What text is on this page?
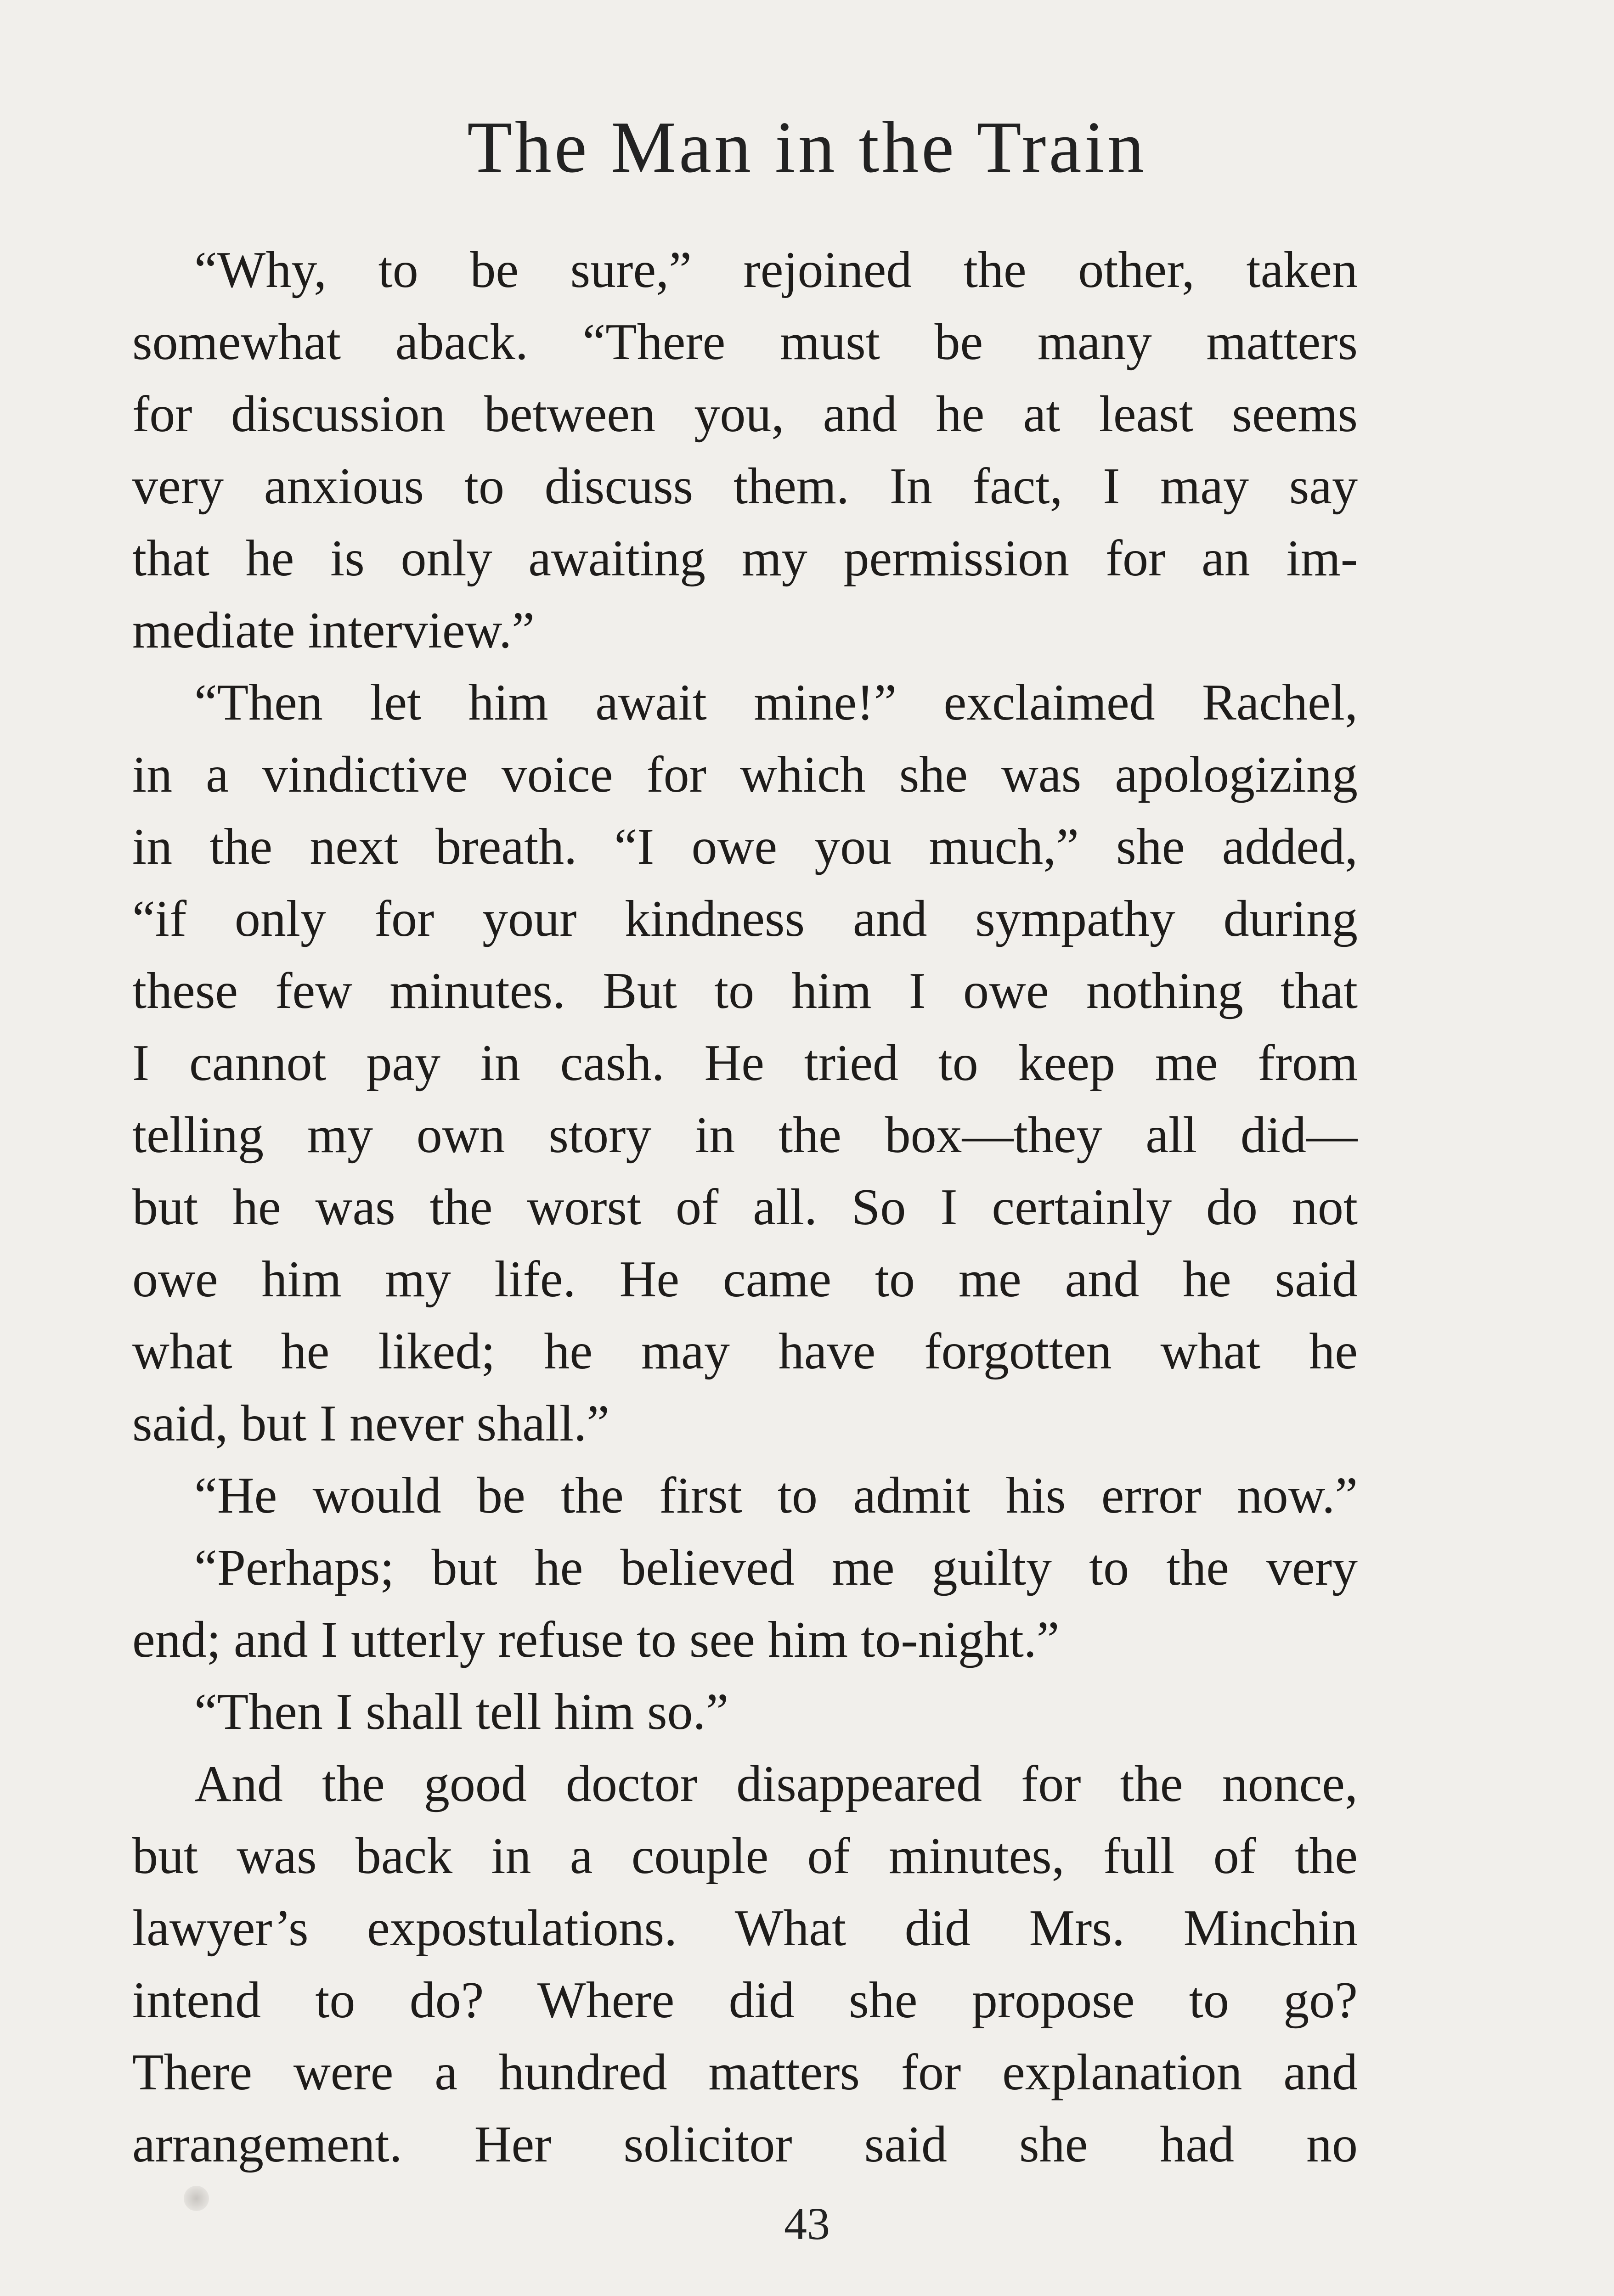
The Man in the Train
“Why, to be sure,” rejoined the other, taken
somewhat aback. “There must be many matters
for discussion between you, and he at least seems
very anxious to discuss them. In fact, I may say
that he is only awaiting my permission for an im-
mediate interview.”
“Then let him await mine!” exclaimed Rachel,
in a vindictive voice for which she was apologizing
in the next breath. “I owe you much,” she added,
“if only for your kindness and sympathy during
these few minutes. But to him I owe nothing that
I cannot pay in cash. He tried to keep me from
telling my own story in the box—they all did—
but he was the worst of all. So I certainly do not
owe him my life. He came to me and he said
what he liked; he may have forgotten what he
said, but I never shall.”
“He would be the first to admit his error now.”
“Perhaps; but he believed me guilty to the very
end; and I utterly refuse to see him to-night.”
“Then I shall tell him so.”
And the good doctor disappeared for the nonce,
but was back in a couple of minutes, full of the
lawyer’s expostulations. What did Mrs. Minchin
intend to do? Where did she propose to go?
There were a hundred matters for explanation and
arrangement. Her solicitor said she had no
43
